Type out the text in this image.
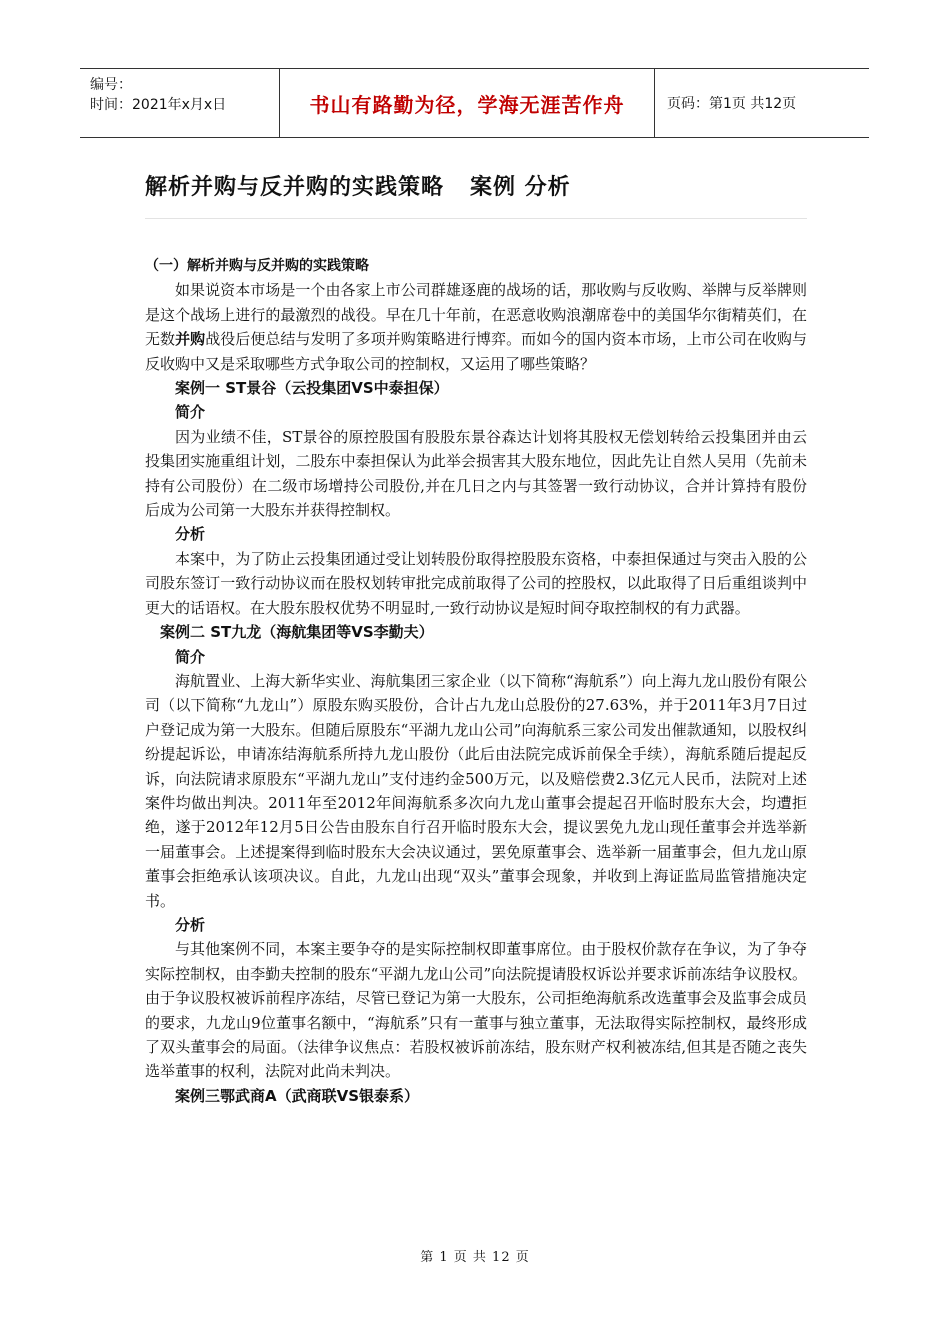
编号：
时间：2021年x月x日	书山有路勤为径，学海无涯苦作舟	页码：第1页 共12页
解析并购与反并购的实践策略   案例 分析

（一）解析并购与反并购的实践策略

如果说资本市场是一个由各家上市公司群雄逐鹿的战场的话，那收购与反收购、举牌与反举牌则是这个战场上进行的最激烈的战役。早在几十年前，在恶意收购浪潮席卷中的美国华尔街精英们，在无数并购战役后便总结与发明了多项并购策略进行博弈。而如今的国内资本市场，上市公司在收购与反收购中又是采取哪些方式争取公司的控制权，又运用了哪些策略？

案例一 ST景谷（云投集团VS中泰担保）

简介

因为业绩不佳，ST景谷的原控股国有股股东景谷森达计划将其股权无偿划转给云投集团并由云投集团实施重组计划，二股东中泰担保认为此举会损害其大股东地位，因此先让自然人吴用（先前未持有公司股份）在二级市场增持公司股份,并在几日之内与其签署一致行动协议，合并计算持有股份后成为公司第一大股东并获得控制权。

分析

本案中，为了防止云投集团通过受让划转股份取得控股股东资格，中泰担保通过与突击入股的公司股东签订一致行动协议而在股权划转审批完成前取得了公司的控股权，以此取得了日后重组谈判中更大的话语权。在大股东股权优势不明显时,一致行动协议是短时间夺取控制权的有力武器。

案例二 ST九龙（海航集团等VS李勤夫）

简介

海航置业、上海大新华实业、海航集团三家企业（以下简称“海航系”）向上海九龙山股份有限公司（以下简称“九龙山”）原股东购买股份，合计占九龙山总股份的27.63%，并于2011年3月7日过户登记成为第一大股东。但随后原股东“平湖九龙山公司”向海航系三家公司发出催款通知，以股权纠纷提起诉讼，申请冻结海航系所持九龙山股份（此后由法院完成诉前保全手续），海航系随后提起反诉，向法院请求原股东“平湖九龙山”支付违约金500万元，以及赔偿费2.3亿元人民币，法院对上述案件均做出判决。2011年至2012年间海航系多次向九龙山董事会提起召开临时股东大会，均遭拒绝，遂于2012年12月5日公告由股东自行召开临时股东大会，提议罢免九龙山现任董事会并选举新一届董事会。上述提案得到临时股东大会决议通过，罢免原董事会、选举新一届董事会，但九龙山原董事会拒绝承认该项决议。自此，九龙山出现“双头”董事会现象，并收到上海证监局监管措施决定书。

分析

与其他案例不同，本案主要争夺的是实际控制权即董事席位。由于股权价款存在争议，为了争夺实际控制权，由李勤夫控制的股东“平湖九龙山公司”向法院提请股权诉讼并要求诉前冻结争议股权。由于争议股权被诉前程序冻结，尽管已登记为第一大股东，公司拒绝海航系改选董事会及监事会成员的要求，九龙山9位董事名额中，“海航系”只有一董事与独立董事，无法取得实际控制权，最终形成了双头董事会的局面。（法律争议焦点：若股权被诉前冻结，股东财产权利被冻结,但其是否随之丧失选举董事的权利，法院对此尚未判决。

案例三鄂武商A（武商联VS银泰系）

第 1 页 共 12 页
